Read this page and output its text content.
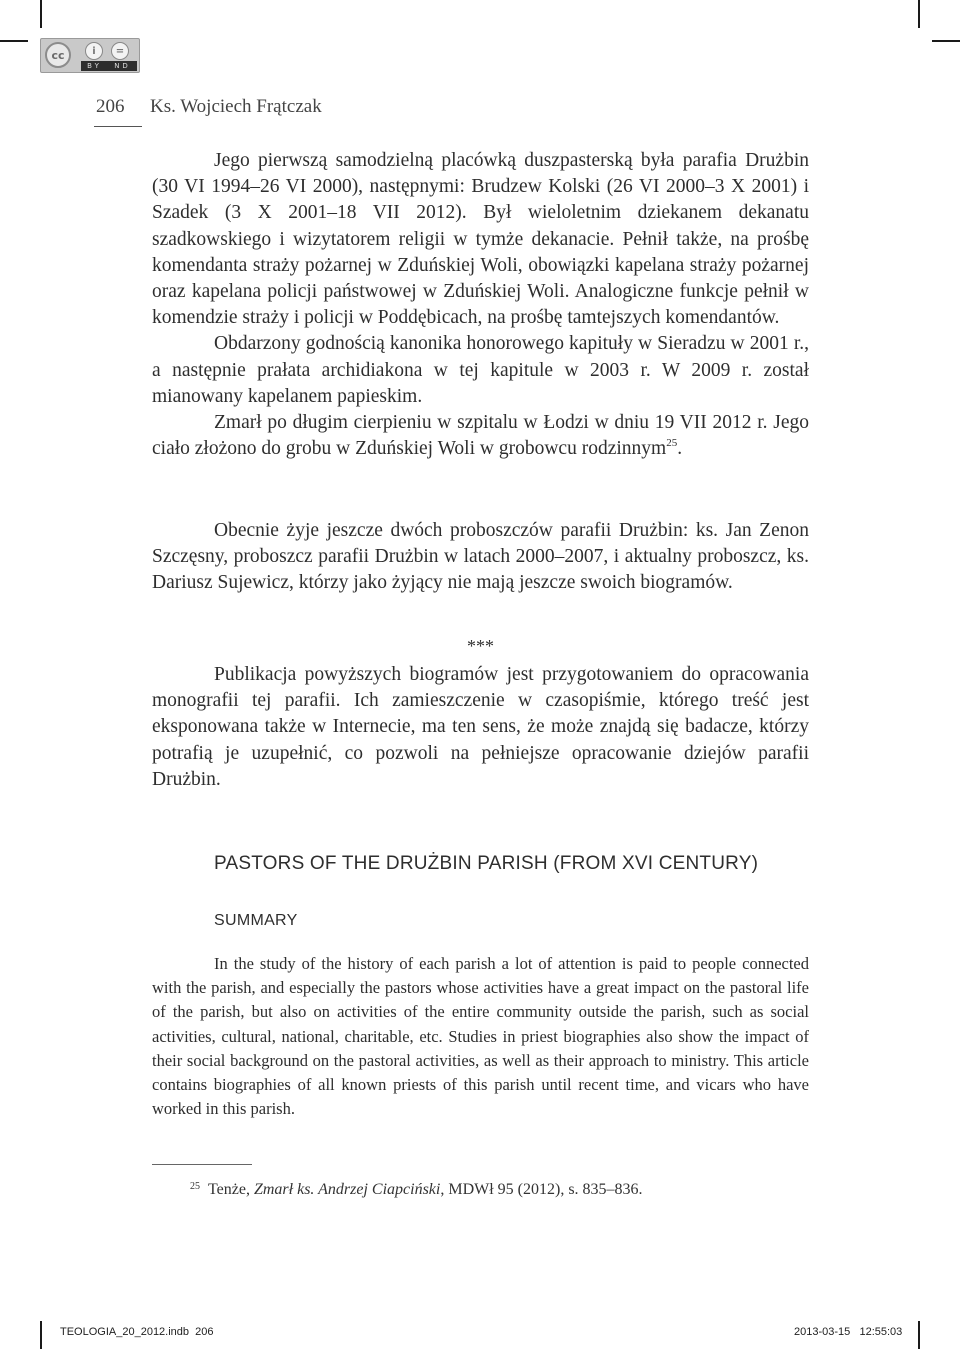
cc	i	=
BY ND
206 Ks. Wojciech Frątczak

Jego pierwszą samodzielną placówką duszpasterską była parafia Drużbin (30 VI 1994–26 VI 2000), następnymi: Brudzew Kolski (26 VI 2000–3 X 2001) i Szadek (3 X 2001–18 VII 2012). Był wieloletnim dziekanem dekanatu szadkowskiego i wizytatorem religii w tymże dekanacie. Pełnił także, na prośbę komendanta straży pożarnej w Zduńskiej Woli, obowiązki kapelana straży pożarnej oraz kapelana policji państwowej w Zduńskiej Woli. Analogiczne funkcje pełnił w komendzie straży i policji w Poddębicach, na prośbę tamtejszych komendantów.

Obdarzony godnością kanonika honorowego kapituły w Sieradzu w 2001 r., a następnie prałata archidiakona w tej kapitule w 2003 r. W 2009 r. został mianowany kapelanem papieskim.

Zmarł po długim cierpieniu w szpitalu w Łodzi w dniu 19 VII 2012 r. Jego ciało złożono do grobu w Zduńskiej Woli w grobowcu rodzinnym$^{25}$.

Obecnie żyje jeszcze dwóch proboszczów parafii Drużbin: ks. Jan Zenon Szczęsny, proboszcz parafii Drużbin w latach 2000–2007, i aktualny proboszcz, ks. Dariusz Sujewicz, którzy jako żyjący nie mają jeszcze swoich biogramów.

***

Publikacja powyższych biogramów jest przygotowaniem do opracowania monografii tej parafii. Ich zamieszczenie w czasopiśmie, którego treść jest eksponowana także w Internecie, ma ten sens, że może znajdą się badacze, którzy potrafią je uzupełnić, co pozwoli na pełniejsze opracowanie dziejów parafii Drużbin.

PASTORS OF THE DRUŻBIN PARISH (FROM XVI CENTURY)
SUMMARY

In the study of the history of each parish a lot of attention is paid to people connected with the parish, and especially the pastors whose activities have a great impact on the pastoral life of the parish, but also on activities of the entire community outside the parish, such as social activities, cultural, national, charitable, etc. Studies in priest biographies also show the impact of their social background on the pastoral activities, as well as their approach to ministry. This article contains biographies of all known priests of this parish until recent time, and vicars who have worked in this parish.

$^{25}$ Tenże, Zmarł ks. Andrzej Ciapciński, MDWł 95 (2012), s. 835–836.
TEOLOGIA_20_2012.indb 206	2013-03-15 12:55:03
